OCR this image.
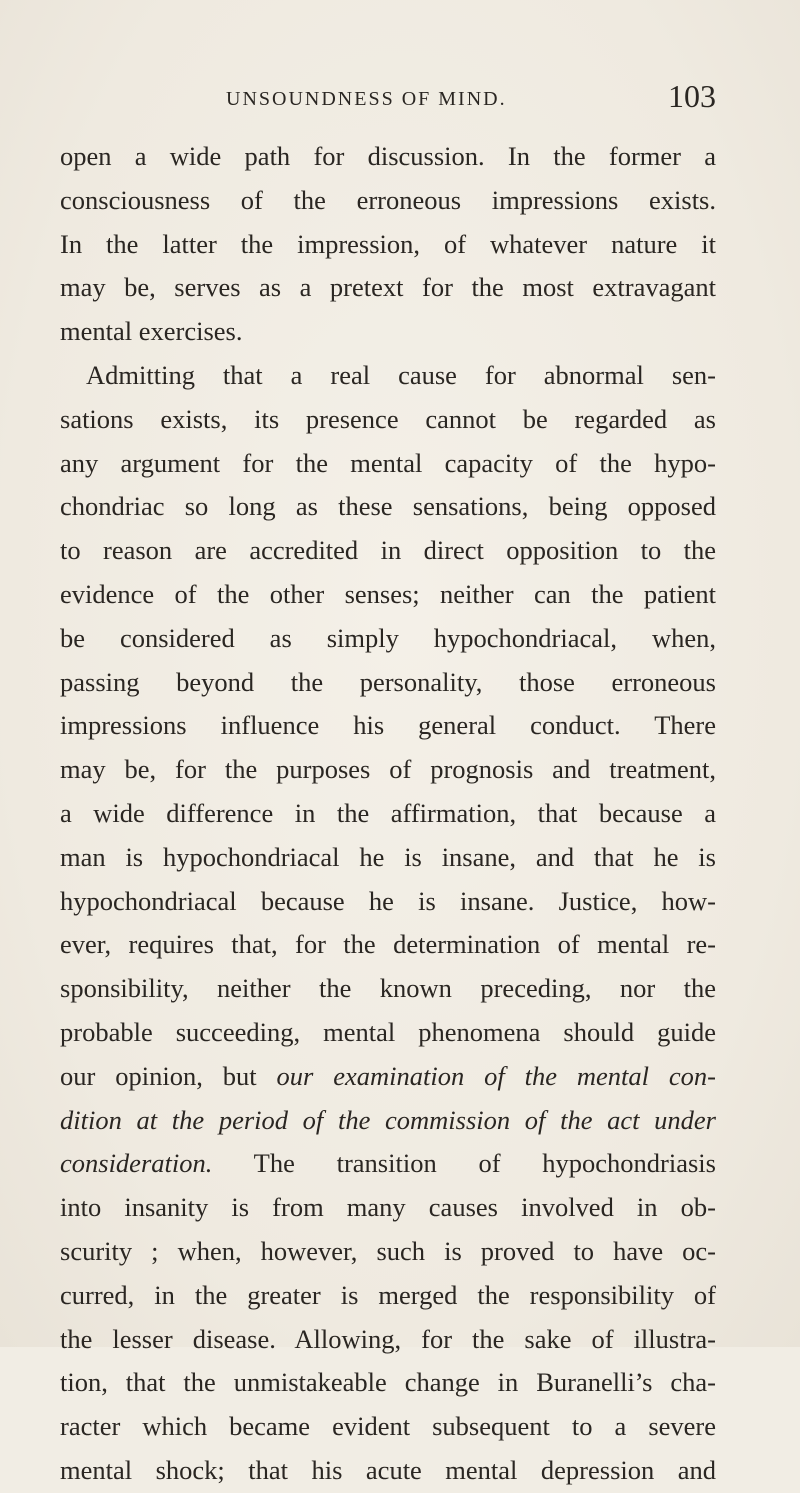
UNSOUNDNESS OF MIND.	103
open a wide path for discussion. In the former a
consciousness of the erroneous impressions exists.
In the latter the impression, of whatever nature it
may be, serves as a pretext for the most extravagant
mental exercises.
Admitting that a real cause for abnormal sen-
sations exists, its presence cannot be regarded as
any argument for the mental capacity of the hypo-
chondriac so long as these sensations, being opposed
to reason are accredited in direct opposition to the
evidence of the other senses; neither can the patient
be considered as simply hypochondriacal, when,
passing beyond the personality, those erroneous
impressions influence his general conduct. There
may be, for the purposes of prognosis and treatment,
a wide difference in the affirmation, that because a
man is hypochondriacal he is insane, and that he is
hypochondriacal because he is insane. Justice, how-
ever, requires that, for the determination of mental re-
sponsibility, neither the known preceding, nor the
probable succeeding, mental phenomena should guide
our opinion, but our examination of the mental con-
dition at the period of the commission of the act under
consideration. The transition of hypochondriasis
into insanity is from many causes involved in ob-
scurity ; when, however, such is proved to have oc-
curred, in the greater is merged the responsibility of
the lesser disease. Allowing, for the sake of illustra-
tion, that the unmistakeable change in Buranelli’s cha-
racter which became evident subsequent to a severe
mental shock; that his acute mental depression and
